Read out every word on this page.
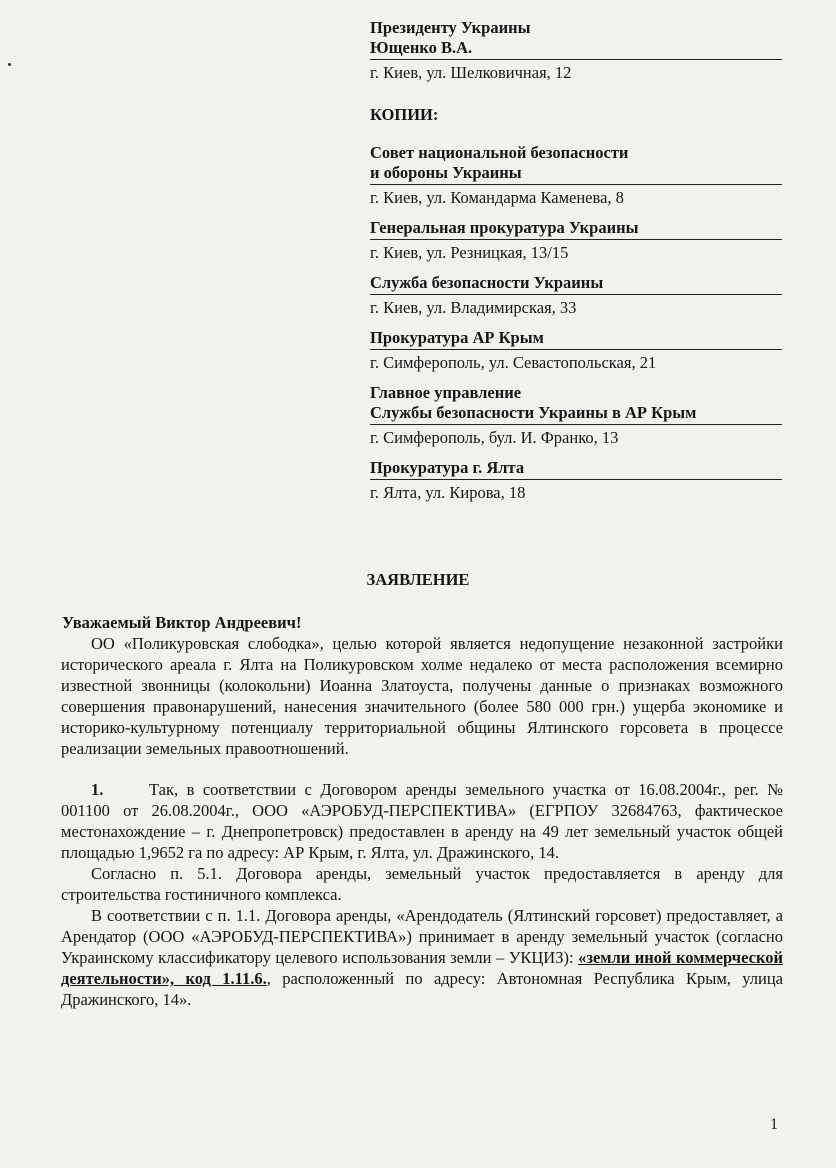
Президенту Украины
Ющенко В.А.
г. Киев, ул. Шелковичная, 12
КОПИИ:
Совет национальной безопасности
и обороны Украины
г. Киев, ул. Командарма Каменева, 8
Генеральная прокуратура Украины
г. Киев, ул. Резницкая, 13/15
Служба безопасности Украины
г. Киев, ул. Владимирская, 33
Прокуратура АР Крым
г. Симферополь, ул. Севастопольская, 21
Главное управление
Службы безопасности Украины в АР Крым
г. Симферополь, бул. И. Франко, 13
Прокуратура г. Ялта
г. Ялта, ул. Кирова, 18
ЗАЯВЛЕНИЕ
Уважаемый Виктор Андреевич!

ОО «Поликуровская слободка», целью которой является недопущение незаконной застройки исторического ареала г. Ялта на Поликуровском холме недалеко от места расположения всемирно известной звонницы (колокольни) Иоанна Златоуста, получены данные о признаках возможного совершения правонарушений, нанесения значительного (более 580 000 грн.) ущерба экономике и историко-культурному потенциалу территориальной общины Ялтинского горсовета в процессе реализации земельных правоотношений.

1.	Так, в соответствии с Договором аренды земельного участка от 16.08.2004г., рег. № 001100 от 26.08.2004г., ООО «АЭРОБУД-ПЕРСПЕКТИВА» (ЕГРПОУ 32684763, фактическое местонахождение – г. Днепропетровск) предоставлен в аренду на 49 лет земельный участок общей площадью 1,9652 га по адресу: АР Крым, г. Ялта, ул. Дражинского, 14.

Согласно п. 5.1. Договора аренды, земельный участок предоставляется в аренду для строительства гостиничного комплекса.

В соответствии с п. 1.1. Договора аренды, «Арендодатель (Ялтинский горсовет) предоставляет, а Арендатор (ООО «АЭРОБУД-ПЕРСПЕКТИВА») принимает в аренду земельный участок (согласно Украинскому классификатору целевого использования земли – УКЦИЗ): «земли иной коммерческой деятельности», код 1.11.6., расположенный по адресу: Автономная Республика Крым, улица Дражинского, 14».

1
